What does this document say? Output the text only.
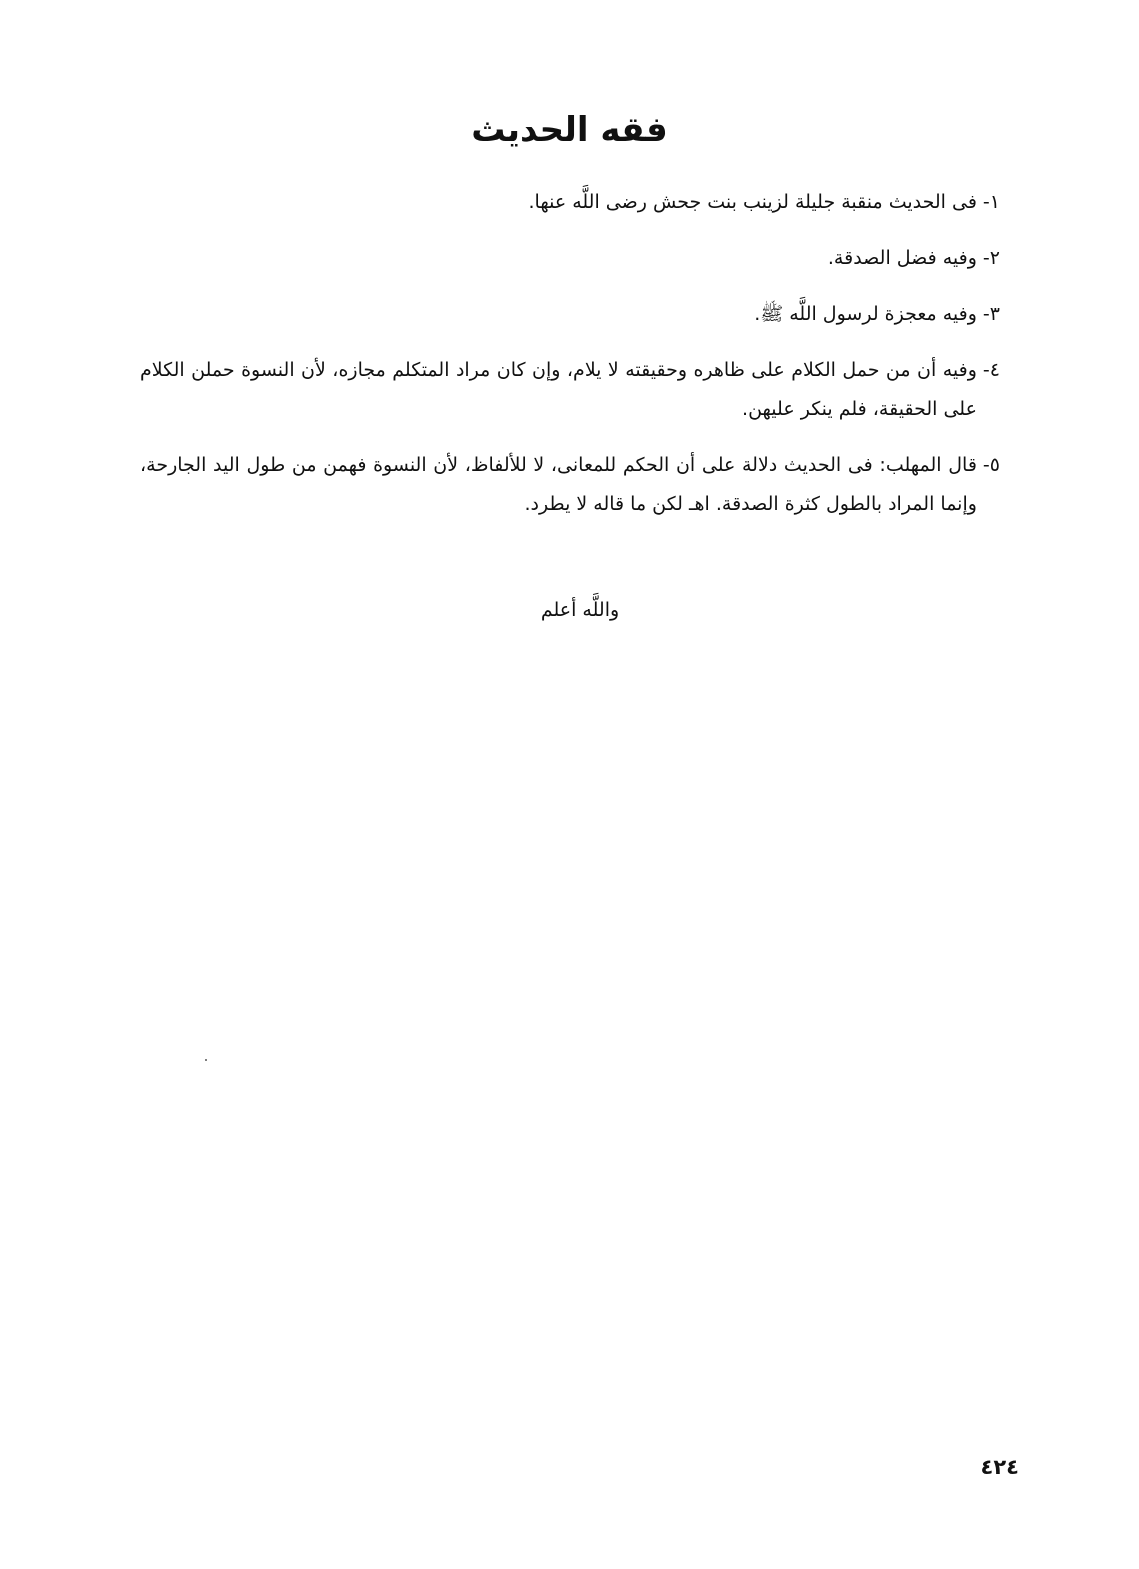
فقه الحديث
١-
فى الحديث منقبة جليلة لزينب بنت جحش رضى اللَّه عنها.
٢-
وفيه فضل الصدقة.
٣-
وفيه معجزة لرسول اللَّه ﷺ.
٤-
وفيه أن من حمل الكلام على ظاهره وحقيقته لا يلام، وإن كان مراد المتكلم مجازه، لأن النسوة حملن الكلام على الحقيقة، فلم ينكر عليهن.
٥-
قال المهلب: فى الحديث دلالة على أن الحكم للمعانى، لا للألفاظ، لأن النسوة فهمن من طول اليد الجارحة، وإنما المراد بالطول كثرة الصدقة. اهـ لكن ما قاله لا يطرد.
واللَّه أعلم
٤٢٤
